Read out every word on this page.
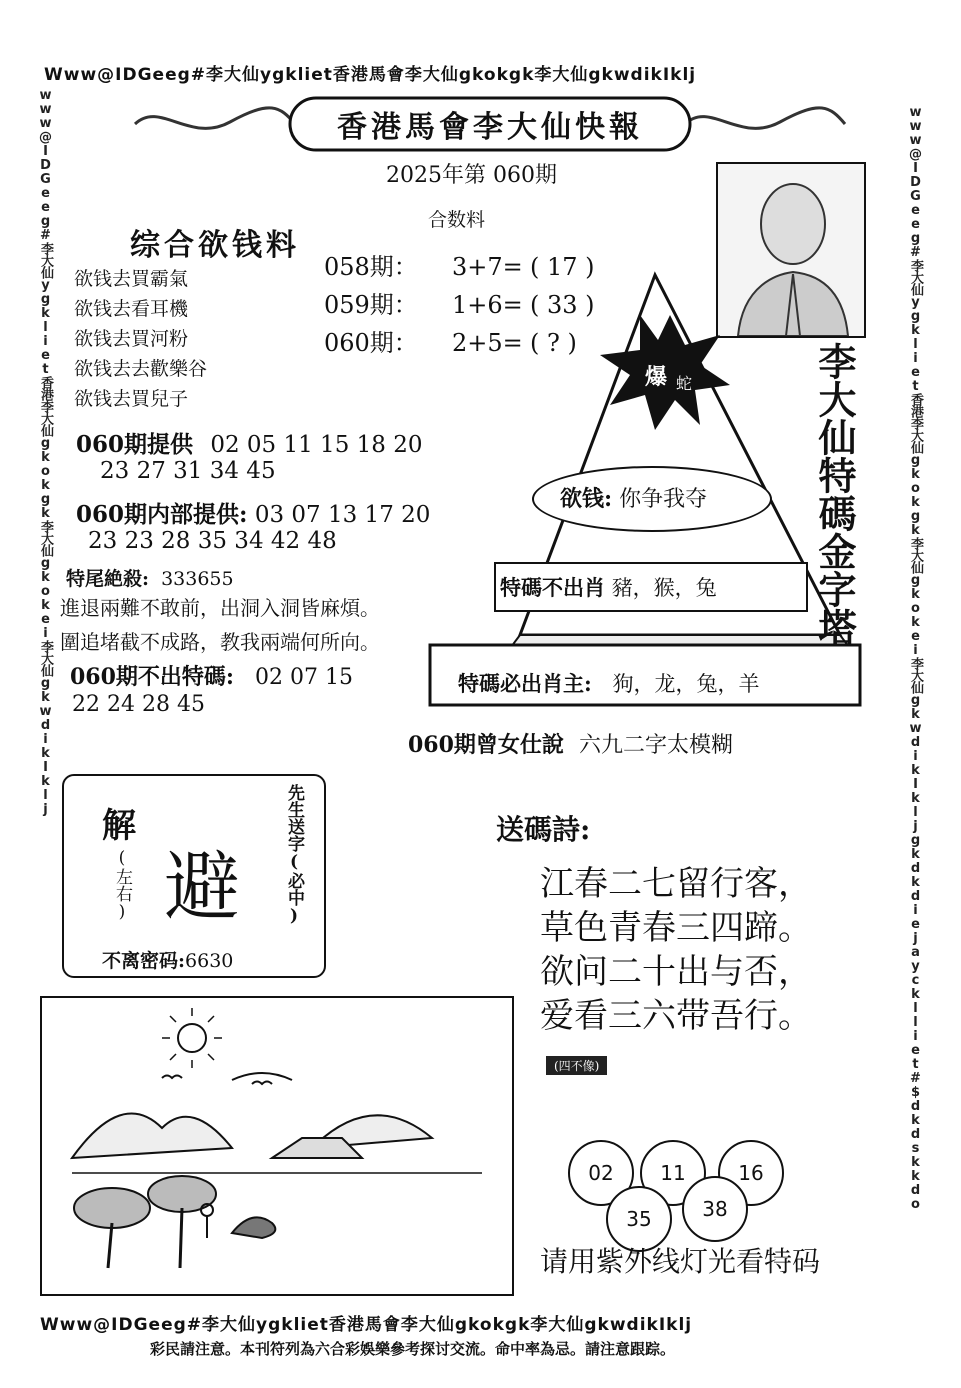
Www@IDGeeg#李大仙ygkliet香港馬會李大仙gkokgk李大仙gkwdikIklj
www@IDGeeg#李大仙ygkliet香港李大仙gkokgk李大仙gkokei李大仙gkwdikIklj	www@IDGeeg#李大仙ygkliet香港李大仙gkokgk李大仙gkokei李大仙gkwdikIkljgkdkdiejaycklliet#$dkdskkdo
Www@IDGeeg#李大仙ygkliet香港馬會李大仙gkokgk李大仙gkwdikIklj
彩民請注意。本刊符列為六合彩娛樂參考探讨交流。命中率為忌。請注意跟踪。
香港馬會李大仙快報
2025年第 060期
合数料
综合欲钱料
欲钱去買霸氣
欲钱去看耳機
欲钱去買河粉
欲钱去去歡樂谷
欲钱去買兒子
058期： 3+7= ( 17 )
059期： 1+6= ( 33 )
060期： 2+5= ( ? )
060期提供 02 05 11 15 18 20
23 27 31 34 45
060期内部提供: 03 07 13 17 20
23 23 28 35 34 42 48
特尾絶殺: 333655
進退兩難不敢前，出洞入洞皆麻煩。
圍追堵截不成路，教我兩端何所向。
060期不出特碼: 02 07 15
22 24 28 45
爆 蛇
欲钱: 你争我夺
特碼不出肖 豬，猴，兔
特碼必出肖主: 狗，龙，兔，羊
李大仙特碼金字塔
060期曾女仕說 六九二字太模糊
解
(左右) 避	先生送字(必中)
不离密码:6630
送碼詩:
江春二七留行客，
草色青春三四蹄。
欲问二十出与否，
爱看三六带吾行。
(四不像)
02	11	16
35	38
请用紫外线灯光看特码
